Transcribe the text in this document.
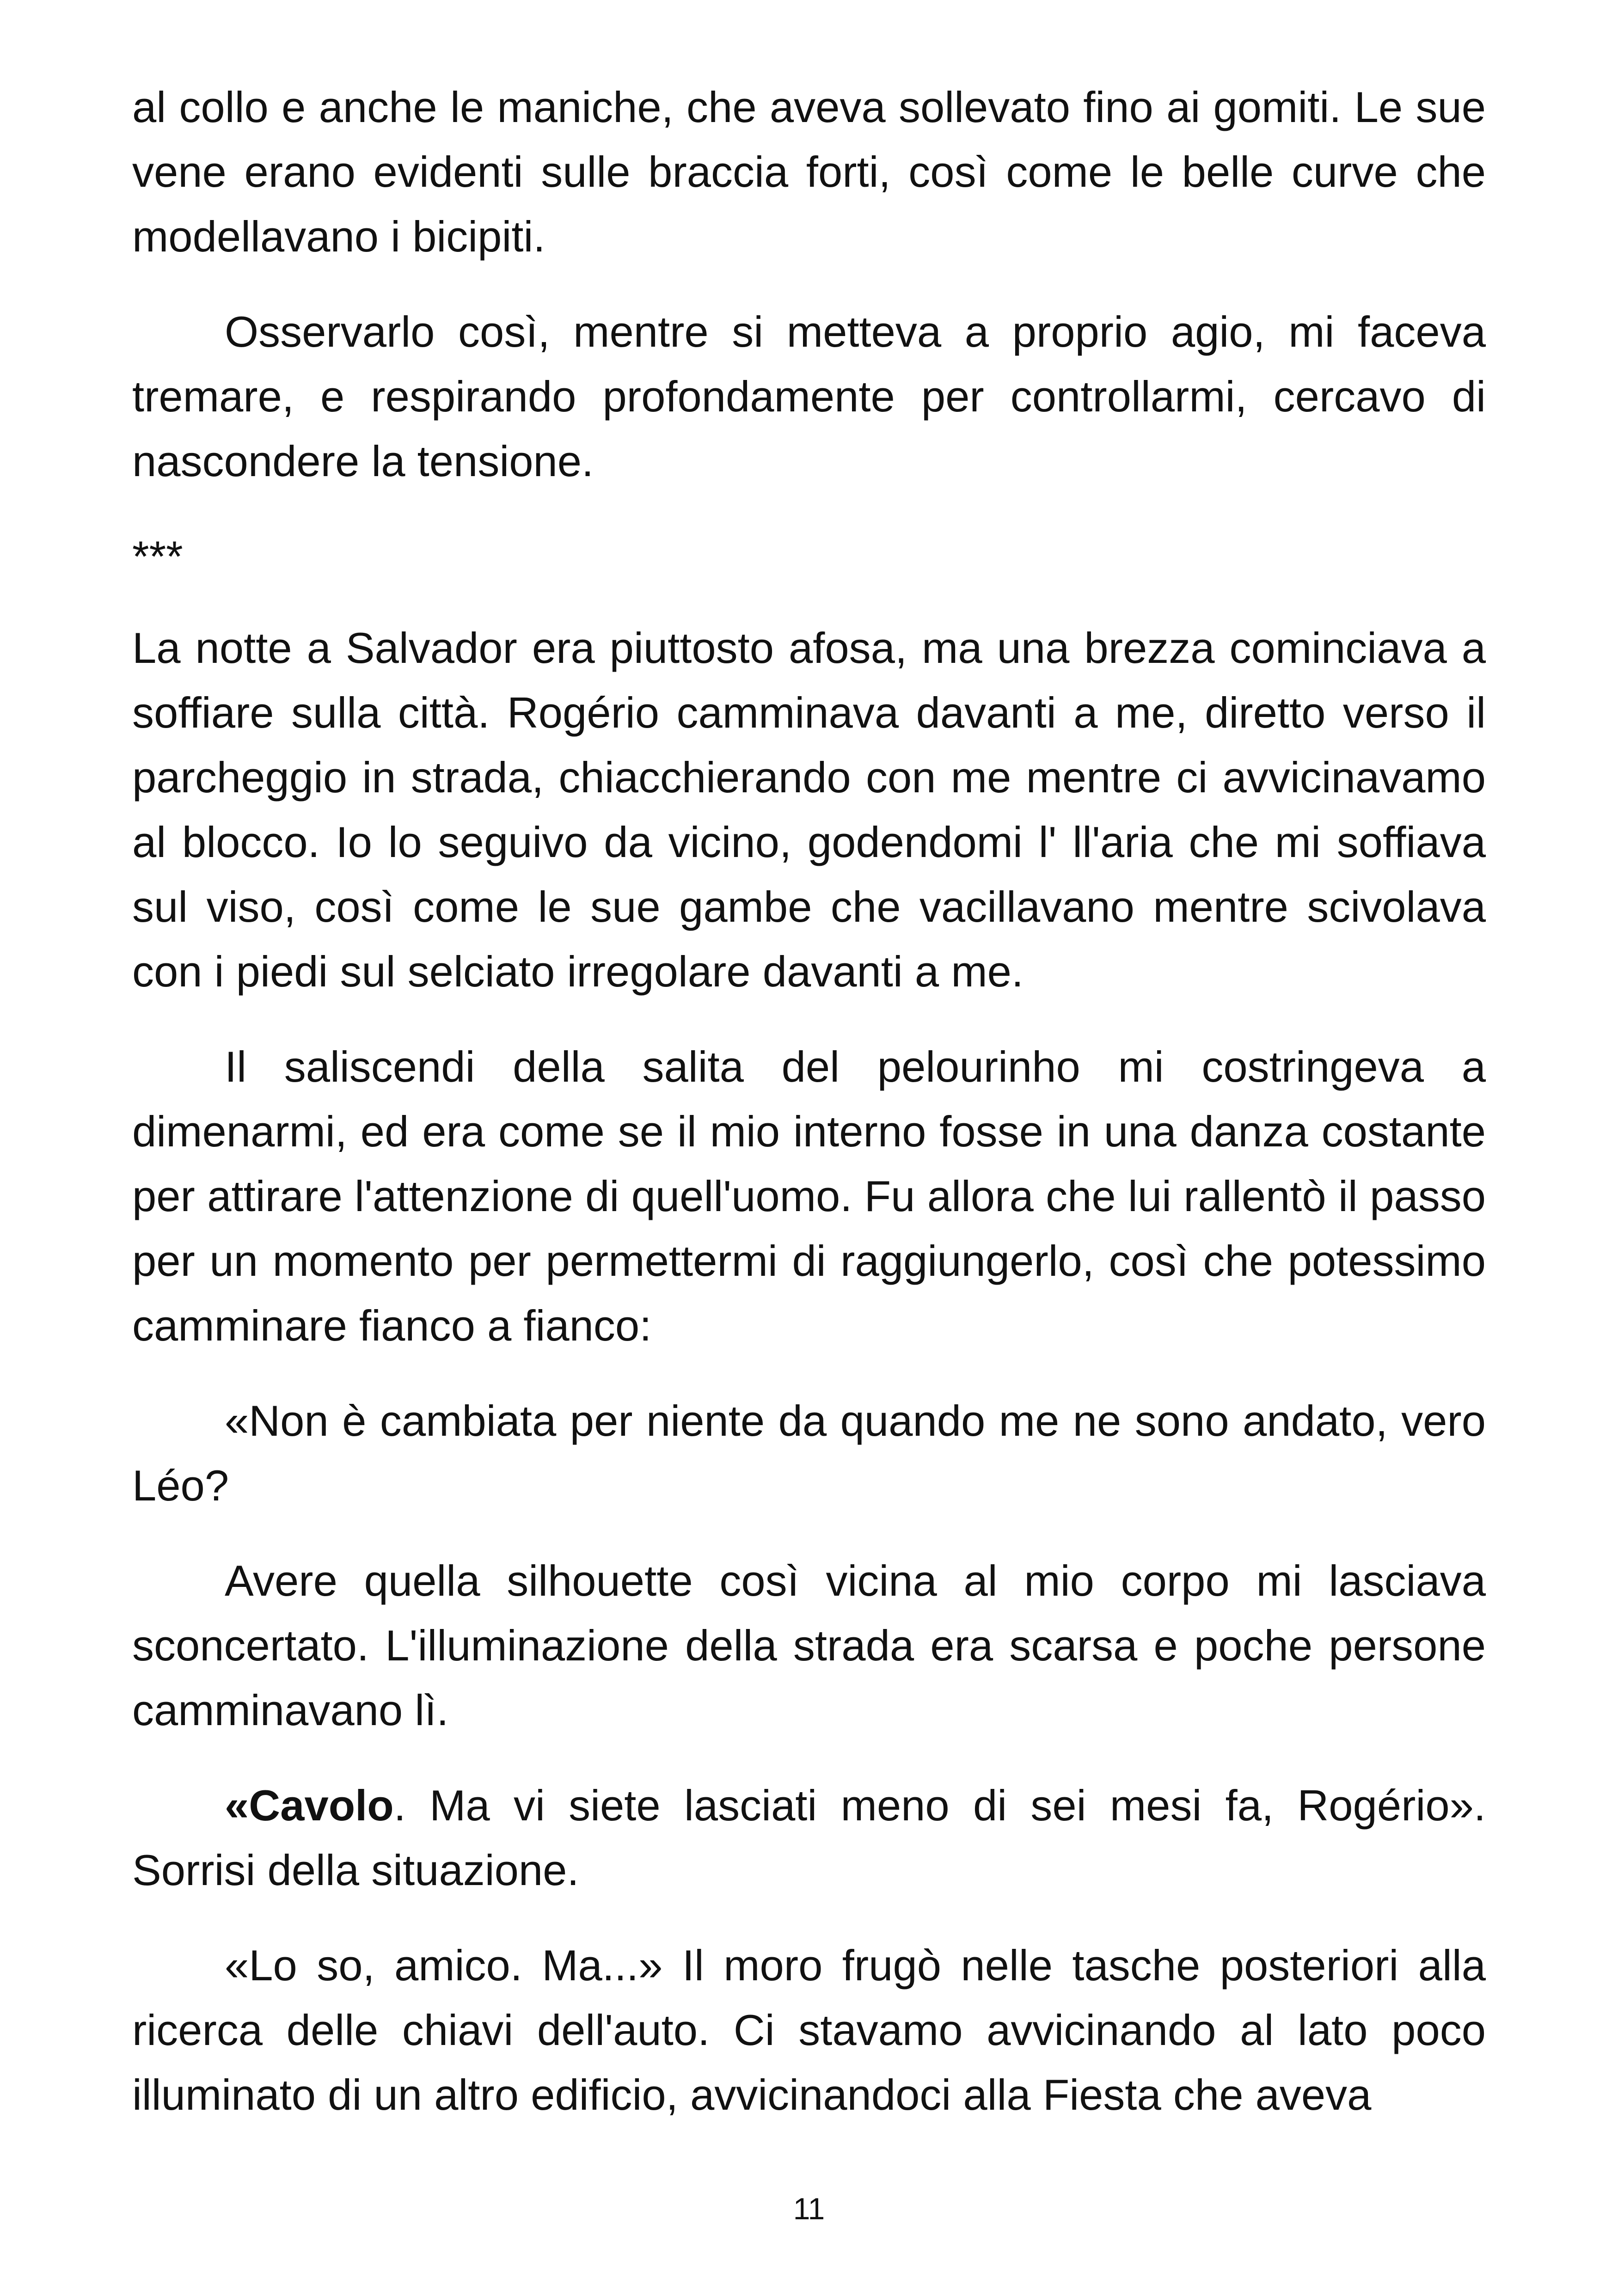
al collo e anche le maniche, che aveva sollevato fino ai gomiti. Le sue vene erano evidenti sulle braccia forti, così come le belle curve che modellavano i bicipiti.

Osservarlo così, mentre si metteva a proprio agio, mi faceva tremare, e respirando profondamente per controllarmi, cercavo di nascondere la tensione.

***

La notte a Salvador era piuttosto afosa, ma una brezza cominciava a soffiare sulla città. Rogério camminava davanti a me, diretto verso il parcheggio in strada, chiacchierando con me mentre ci avvicinavamo al blocco. Io lo seguivo da vicino, godendomi l' ll'aria che mi soffiava sul viso, così come le sue gambe che vacillavano mentre scivolava con i piedi sul selciato irregolare davanti a me.

Il saliscendi della salita del pelourinho mi costringeva a dimenarmi, ed era come se il mio interno fosse in una danza costante per attirare l'attenzione di quell'uomo. Fu allora che lui rallentò il passo per un momento per permettermi di raggiungerlo, così che potessimo camminare fianco a fianco:

«Non è cambiata per niente da quando me ne sono andato, vero Léo?

Avere quella silhouette così vicina al mio corpo mi lasciava sconcertato. L'illuminazione della strada era scarsa e poche persone camminavano lì.

«Cavolo. Ma vi siete lasciati meno di sei mesi fa, Rogério». Sorrisi della situazione.

«Lo so, amico. Ma...» Il moro frugò nelle tasche posteriori alla ricerca delle chiavi dell'auto. Ci stavamo avvicinando al lato poco illuminato di un altro edificio, avvicinandoci alla Fiesta che aveva

11
